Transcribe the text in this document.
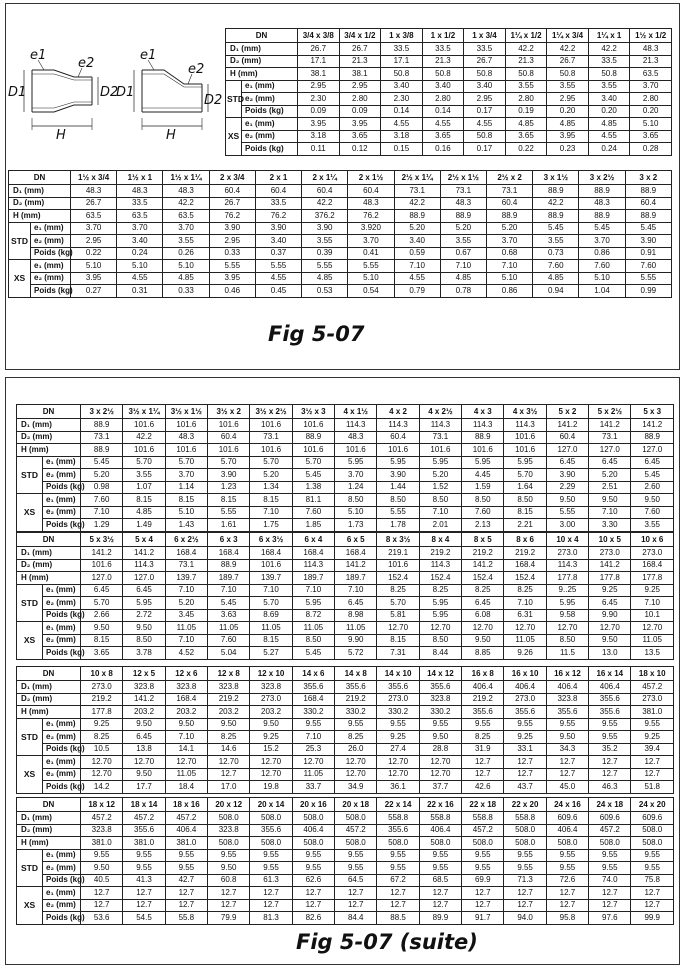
e1
e2
D1	D2
H
e1
e2
D1
D2
H
DN		3/4 x 3/8	3/4 x 1/2	1 x 3/8	1 x 1/2	1 x 3/4	1¼ x 1/2	1¼ x 3/4	1¼ x 1	1½ x 1/2
D₁ (mm)		26.7	26.7	33.5	33.5	33.5	42.2	42.2	42.2	48.3
D₂ (mm)		17.1	21.3	17.1	21.3	26.7	21.3	26.7	33.5	21.3
H (mm)		38.1	38.1	50.8	50.8	50.8	50.8	50.8	50.8	63.5
STD	e₁ (mm)	2.95	2.95	3.40	3.40	3.40	3.55	3.55	3.55	3.70
	e₂ (mm)	2.30	2.80	2.30	2.80	2.95	2.80	2.95	3.40	2.80
	Poids (kg)	0.09	0.09	0.14	0.14	0.17	0.19	0.20	0.20	0.20
XS	e₁ (mm)	3.95	3.95	4.55	4.55	4.55	4.85	4.85	4.85	5.10
	e₂ (mm)	3.18	3.65	3.18	3.65	50.8	3.65	3.95	4.55	3.65
	Poids (kg)	0.11	0.12	0.15	0.16	0.17	0.22	0.23	0.24	0.28
DN		1½ x 3/4	1½ x 1	1½ x 1¼	2 x 3/4	2 x 1	2 x 1¼	2 x 1½	2½ x 1¼	2½ x 1½	2½ x 2	3 x 1½	3 x 2½	3 x 2
D₁ (mm)		48.3	48.3	48.3	60.4	60.4	60.4	60.4	73.1	73.1	73.1	88.9	88.9	88.9
D₂ (mm)		26.7	33.5	42.2	26.7	33.5	42.2	48.3	42.2	48.3	60.4	42.2	48.3	60.4
H (mm)		63.5	63.5	63.5	76.2	76.2	376.2	76.2	88.9	88.9	88.9	88.9	88.9	88.9
STD	e₁ (mm)	3.70	3.70	3.70	3.90	3.90	3.90	3.920	5.20	5.20	5.20	5.45	5.45	5.45
	e₂ (mm)	2.95	3.40	3.55	2.95	3.40	3.55	3.70	3.40	3.55	3.70	3.55	3.70	3.90
	Poids (kg)	0.22	0.24	0.26	0.33	0.37	0.39	0.41	0.59	0.67	0.68	0.73	0.86	0.91
XS	e₁ (mm)	5.10	5.10	5.10	5.55	5.55	5.55	5.55	7.10	7.10	7.10	7.60	7.60	7.60
	e₂ (mm)	3.95	4.55	4.85	3.95	4.55	4.85	5.10	4.55	4.85	5.10	4.85	5.10	5.55
	Poids (kg)	0.27	0.31	0.33	0.46	0.45	0.53	0.54	0.79	0.78	0.86	0.94	1.04	0.99
Fig 5-07
DN		3 x 2½	3½ x 1¼	3½ x 1½	3½ x 2	3½ x 2½	3½ x 3	4 x 1½	4 x 2	4 x 2½	4 x 3	4 x 3½	5 x 2	5 x 2½	5 x 3
D₁ (mm)		88.9	101.6	101.6	101.6	101.6	101.6	114.3	114.3	114.3	114.3	114.3	141.2	141.2	141.2
D₂ (mm)		73.1	42.2	48.3	60.4	73.1	88.9	48.3	60.4	73.1	88.9	101.6	60.4	73.1	88.9
H (mm)		88.9	101.6	101.6	101.6	101.6	101.6	101.6	101.6	101.6	101.6	101.6	127.0	127.0	127.0
STD	e₁ (mm)	5.45	5.70	5.70	5.70	5.70	5.70	5.95	5.95	5.95	5.95	5.95	6.45	6.45	6.45
	e₂ (mm)	5.20	3.55	3.70	3.90	5.20	5.45	3.70	3.90	5.20	4.45	5.70	3.90	5.20	5.45
	Poids (kg)	0.98	1.07	1.14	1.23	1.34	1.38	1.24	1.44	1.52	1.59	1.64	2.29	2.51	2.60
XS	e₁ (mm)	7.60	8.15	8.15	8.15	8.15	81.1	8.50	8.50	8.50	8.50	8.50	9.50	9.50	9.50
	e₂ (mm)	7.10	4.85	5.10	5.55	7.10	7.60	5.10	5.55	7.10	7.60	8.15	5.55	7.10	7.60
	Poids (kg)	1.29	1.49	1.43	1.61	1.75	1.85	1.73	1.78	2.01	2.13	2.21	3.00	3.30	3.55
DN		5 x 3½	5 x 4	6 x 2½	6 x 3	6 x 3½	6 x 4	6 x 5	8 x 3½	8 x 4	8 x 5	8 x 6	10 x 4	10 x 5	10 x 6
D₁ (mm)		141.2	141.2	168.4	168.4	168.4	168.4	168.4	219.1	219.2	219.2	219.2	273.0	273.0	273.0
D₂ (mm)		101.6	114.3	73.1	88.9	101.6	114.3	141.2	101.6	114.3	141.2	168.4	114.3	141.2	168.4
H (mm)		127.0	127.0	139.7	189.7	139.7	189.7	189.7	152.4	152.4	152.4	152.4	177.8	177.8	177.8
STD	e₁ (mm)	6.45	6.45	7.10	7.10	7.10	7.10	7.10	8.25	8.25	8.25	8.25	9..25	9.25	9.25
	e₂ (mm)	5.70	5.95	5.20	5.45	5.70	5.95	6.45	5.70	5.95	6.45	7.10	5.95	6.45	7.10
	Poids (kg)	2.66	2.72	3.45	3.63	8.69	8.72	8.98	5.81	5.95	6.08	6.31	9.58	9.90	10.1
XS	e₁ (mm)	9.50	9.50	11.05	11.05	11.05	11.05	11.05	12.70	12.70	12.70	12.70	12.70	12.70	12.70
	e₂ (mm)	8.15	8.50	7.10	7.60	8.15	8.50	9.90	8.15	8.50	9.50	11.05	8.50	9.50	11.05
	Poids (kg)	3.65	3.78	4.52	5.04	5.27	5.45	5.72	7.31	8.44	8.85	9.26	11.5	13.0	13.5
DN		10 x 8	12 x 5	12 x 6	12 x 8	12 x 10	14 x 6	14 x 8	14 x 10	14 x 12	16 x 8	16 x 10	16 x 12	16 x 14	18 x 10
D₁ (mm)		273.0	323.8	323.8	323.8	323.8	355.6	355.6	355.6	355.6	406.4	406.4	406.4	406.4	457.2
D₂ (mm)		219.2	141.2	168.4	219.2	273.0	168.4	219.2	273.0	323.8	219.2	273.0	323.8	355.6	273.0
H (mm)		177.8	203.2	203.2	203.2	203.2	330.2	330.2	330.2	330.2	355.6	355.6	355.6	355.6	381.0
STD	e₁ (mm)	9.25	9.50	9.50	9.50	9.50	9.55	9.55	9.55	9.55	9.55	9.55	9.55	9.55	9.55
	e₂ (mm)	8.25	6.45	7.10	8.25	9.25	7.10	8.25	9.25	9.50	8.25	9.25	9.50	9.55	9.25
	Poids (kg)	10.5	13.8	14.1	14.6	15.2	25.3	26.0	27.4	28.8	31.9	33.1	34.3	35.2	39.4
XS	e₁ (mm)	12.70	12.70	12.70	12.70	12.70	12.70	12.70	12.70	12.70	12.7	12.7	12.7	12.7	12.7
	e₂ (mm)	12.70	9.50	11.05	12.7	12.70	11.05	12.70	12.70	12.70	12.7	12.7	12.7	12.7	12.7
	Poids (kg)	14.2	17.7	18.4	17.0	19.8	33.7	34.9	36.1	37.7	42.6	43.7	45.0	46.3	51.8
DN		18 x 12	18 x 14	18 x 16	20 x 12	20 x 14	20 x 16	20 x 18	22 x 14	22 x 16	22 x 18	22 x 20	24 x 16	24 x 18	24 x 20
D₁ (mm)		457.2	457.2	457.2	508.0	508.0	508.0	508.0	558.8	558.8	558.8	558.8	609.6	609.6	609.6
D₂ (mm)		323.8	355.6	406.4	323.8	355.6	406.4	457.2	355.6	406.4	457.2	508.0	406.4	457.2	508.0
H (mm)		381.0	381.0	381.0	508.0	508.0	508.0	508.0	508.0	508.0	508.0	508.0	508.0	508.0	508.0
STD	e₁ (mm)	9.55	9.55	9.55	9.55	9.55	9.55	9.55	9.55	9.55	9.55	9.55	9.55	9.55	9.55
	e₂ (mm)	9.50	9.55	9.55	9.50	9.55	9.55	9.55	9.55	9.55	9.55	9.55	9.55	9.55	9.55
	Poids (kg)	40.5	41.3	42.7	60.8	61.3	62.6	64.5	67.2	68.5	69.9	71.3	72.6	74.0	75.8
XS	e₁ (mm)	12.7	12.7	12.7	12.7	12.7	12.7	12.7	12.7	12.7	12.7	12.7	12.7	12.7	12.7
	e₂ (mm)	12.7	12.7	12.7	12.7	12.7	12.7	12.7	12.7	12.7	12.7	12.7	12.7	12.7	12.7
	Poids (kg)	53.6	54.5	55.8	79.9	81.3	82.6	84.4	88.5	89.9	91.7	94.0	95.8	97.6	99.9
Fig 5-07 (suite)
